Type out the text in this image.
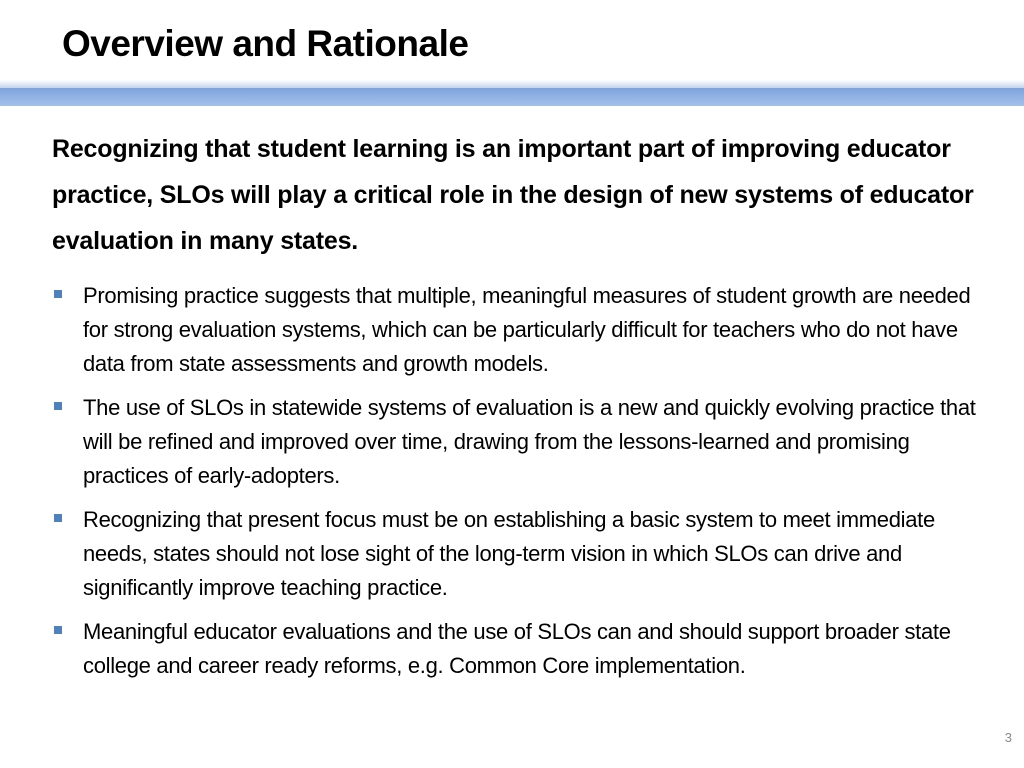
Overview and Rationale

Recognizing that student learning is an important part of improving educator practice, SLOs will play a critical role in the design of new systems of educator evaluation in many states.

Promising practice suggests that multiple, meaningful measures of student growth are needed for strong evaluation systems, which can be particularly difficult for teachers who do not have data from state assessments and growth models.
The use of SLOs in statewide systems of evaluation is a new and quickly evolving practice that will be refined and improved over time, drawing from the lessons-learned and promising practices of early-adopters.
Recognizing that present focus must be on establishing a basic system to meet immediate needs, states should not lose sight of the long-term vision in which SLOs can drive and significantly improve teaching practice.
Meaningful educator evaluations and the use of SLOs can and should support broader state college and career ready reforms, e.g. Common Core implementation.
3
